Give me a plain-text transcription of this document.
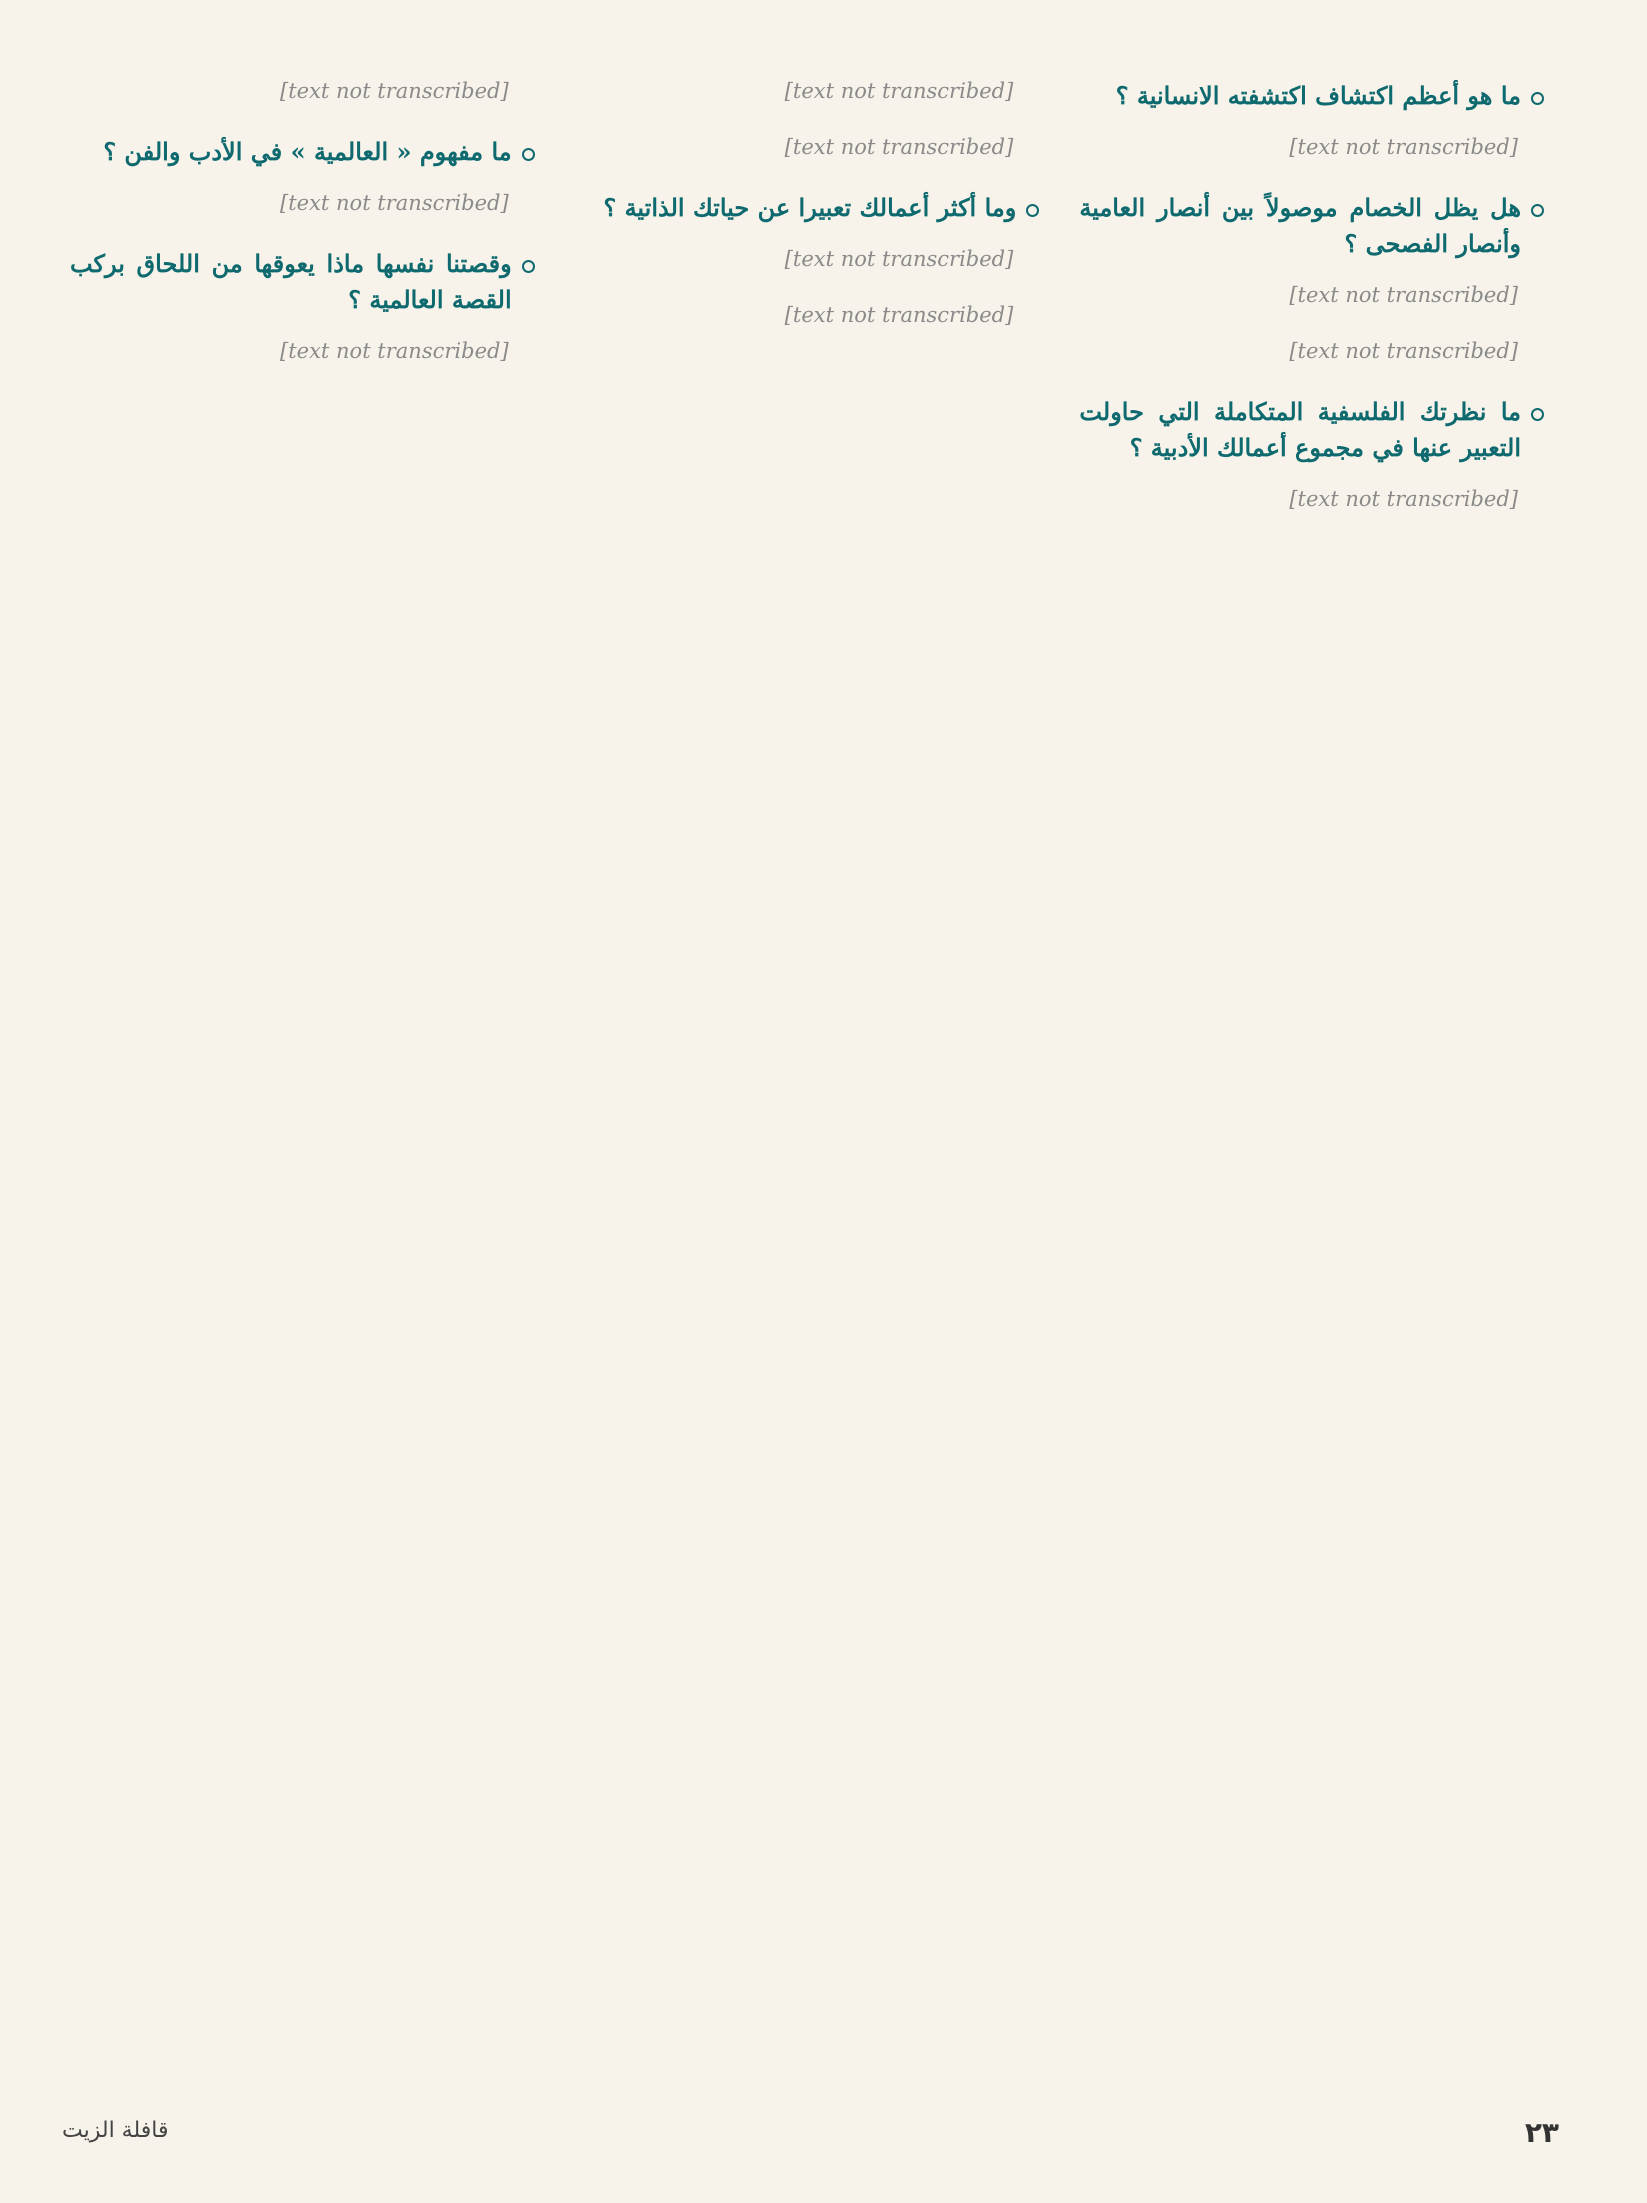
ما هو أعظم اكتشاف اكتشفته الانسانية ؟

[text not transcribed]

هل يظل الخصام موصولاً بين أنصار العامية وأنصار الفصحى ؟

[text not transcribed]

[text not transcribed]

ما نظرتك الفلسفية المتكاملة التي حاولت التعبير عنها في مجموع أعمالك الأدبية ؟

[text not transcribed]

[text not transcribed]

[text not transcribed]

وما أكثر أعمالك تعبيرا عن حياتك الذاتية ؟

[text not transcribed]

[text not transcribed]

[text not transcribed]

ما مفهوم « العالمية » في الأدب والفن ؟

[text not transcribed]

وقصتنا نفسها ماذا يعوقها من اللحاق بركب القصة العالمية ؟

[text not transcribed]

٢٣
قافلة الزيت
